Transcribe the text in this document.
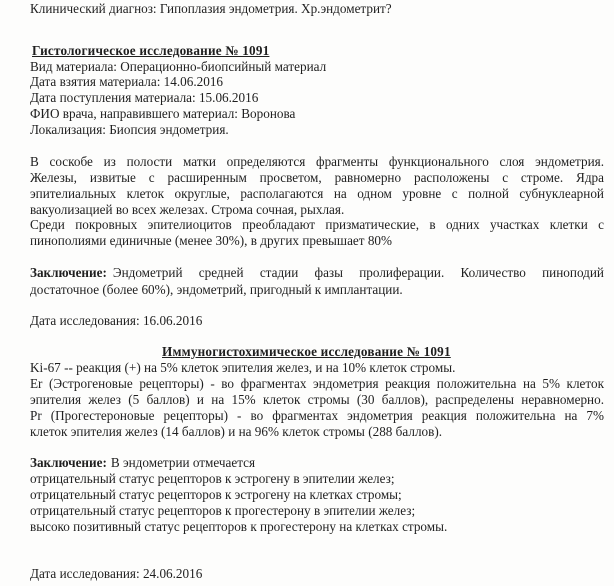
Клинический диагноз: Гипоплазия эндометрия. Хр.эндометрит?
Гистологическое исследование № 1091
Вид материала: Операционно-биопсийный материал
Дата взятия материала: 14.06.2016
Дата поступления материала: 15.06.2016
ФИО врача, направившего материал: Воронова
Локализация: Биопсия эндометрия.
В соскобе из полости матки определяются фрагменты функционального слоя эндометрия.
Железы, извитые с расширенным просветом, равномерно расположены с строме. Ядра
эпителиальных клеток округлые, располагаются на одном уровне с полной субнуклеарной
вакуолизацией во всех железах. Строма сочная, рыхлая.
Среди покровных эпителиоцитов преобладают призматические, в одних участках клетки с
пинополиями единичные (менее 30%), в других превышает 80%
Заключение: Эндометрий средней стадии фазы пролиферации. Количество пиноподий
достаточное (более 60%), эндометрий, пригодный к имплантации.
Дата исследования: 16.06.2016
Иммуногистохимическое исследование № 1091
Ki-67 -- реакция (+) на 5% клеток эпителия желез, и на 10% клеток стромы.
Er (Эстрогеновые рецепторы) - во фрагментах эндометрия реакция положительна на 5% клеток
эпителия желез (5 баллов) и на 15% клеток стромы (30 баллов), распределены неравномерно.
Pr (Прогестероновые рецепторы) - во фрагментах эндометрия реакция положительна на 7%
клеток эпителия желез (14 баллов) и на 96% клеток стромы (288 баллов).
Заключение: В эндометрии отмечается
отрицательный статус рецепторов к эстрогену в эпителии желез;
отрицательный статус рецепторов к эстрогену на клетках стромы;
отрицательный статус рецепторов к прогестерону в эпителии желез;
высоко позитивный статус рецепторов к прогестерону на клетках стромы.
Дата исследования: 24.06.2016
